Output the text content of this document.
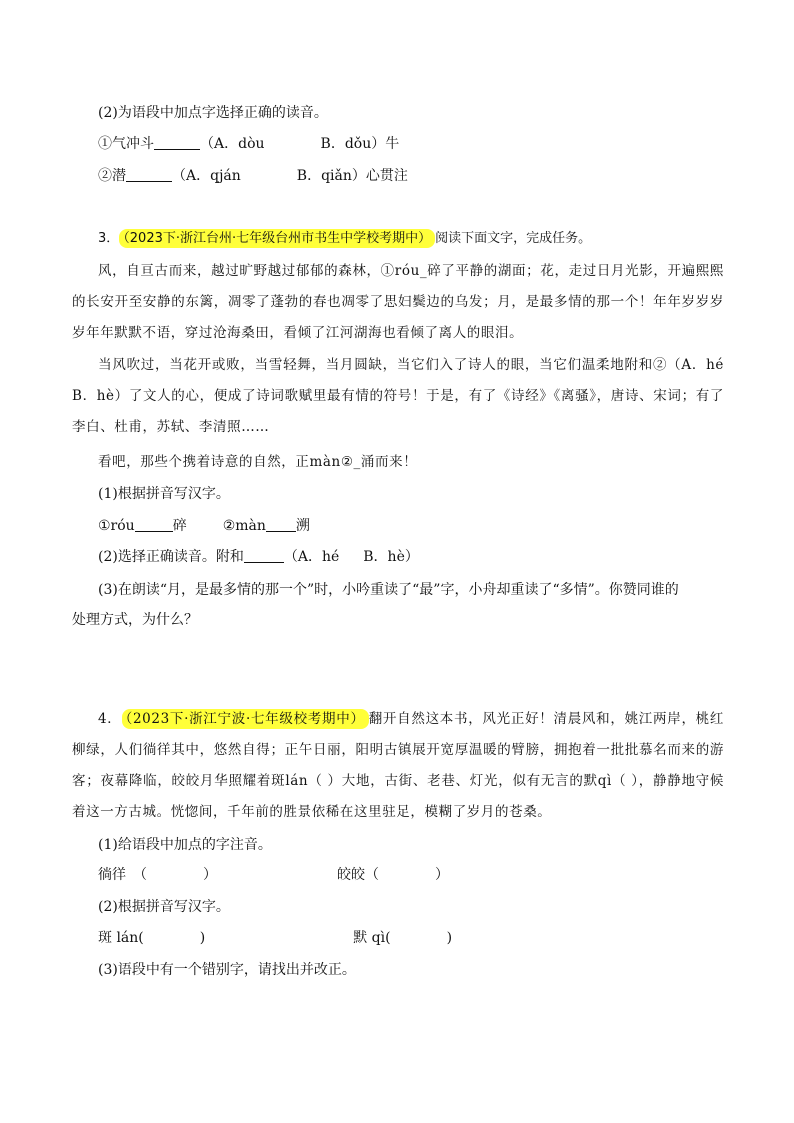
(2)为语段中加点字选择正确的读音。
①气冲斗	（A．dòu	B．dǒu）牛
②潜	（A．qján	B．qiǎn）心贯注
3． （2023下·浙江台州·七年级台州市书生中学校考期中） 阅读下面文字，完成任务。
风，自亘古而来，越过旷野越过郁郁的森林，①róu_碎了平静的湖面；花，走过日月光影，开遍熙熙的长安开至安静的东篱，凋零了蓬勃的春也凋零了思妇鬓边的乌发；月，是最多情的那一个！年年岁岁岁岁年年默默不语，穿过沧海桑田，看倾了江河湖海也看倾了离人的眼泪。
当风吹过，当花开或败，当雪轻舞，当月圆缺，当它们入了诗人的眼，当它们温柔地附和②（A．hé B．hè）了文人的心，便成了诗词歌赋里最有情的符号！于是，有了《诗经》《离骚》，唐诗、宋词；有了李白、杜甫，苏轼、李清照……
看吧，那些个携着诗意的自然，正màn②_涌而来！
(1)根据拼音写汉字。
①róu	碎	②màn 溯
(2)选择正确读音。附和	（A．hé B．hè）
(3)在朗读“月，是最多情的那一个”时，小吟重读了“最”字，小舟却重读了“多情”。你赞同谁的
处理方式，为什么？
4． （2023下·浙江宁波·七年级校考期中） 翻开自然这本书，风光正好！清晨风和，姚江两岸，桃红柳绿，人们徜徉其中，悠然自得；正午日丽，阳明古镇展开宽厚温暖的臂膀，拥抱着一批批慕名而来的游客；夜幕降临，皎皎月华照耀着斑lán（ ）大地，古街、老巷、灯光，似有无言的默qì（ ），静静地守候着这一方古城。恍惚间，千年前的胜景依稀在这里驻足，模糊了岁月的苍桑。
(1)给语段中加点的字注音。
徜徉　（　　　　）	皎皎（　　　　）
(2)根据拼音写汉字。
斑 lán(　　　　)	默 qì(　　　　)
(3)语段中有一个错别字，请找出并改正。
